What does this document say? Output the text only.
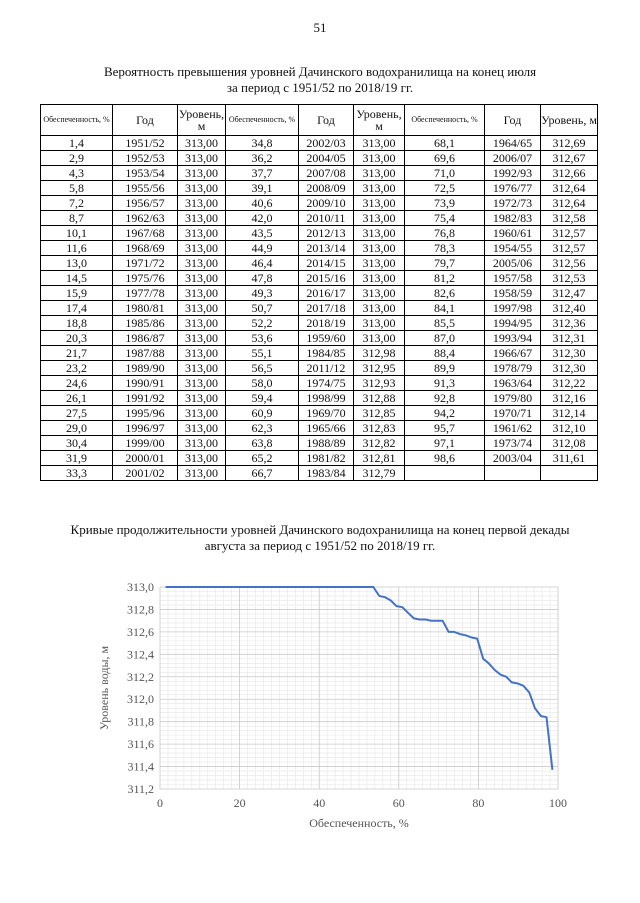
51
Вероятность превышения уровней Дачинского водохранилища на конец июля
за период с 1951/52 по 2018/19 гг.
Обеспеченность, %	Год	Уровень, м	Обеспеченность, %	Год	Уровень, м	Обеспеченность, %	Год	Уровень, м
1,4	1951/52	313,00	34,8	2002/03	313,00	68,1	1964/65	312,69
2,9	1952/53	313,00	36,2	2004/05	313,00	69,6	2006/07	312,67
4,3	1953/54	313,00	37,7	2007/08	313,00	71,0	1992/93	312,66
5,8	1955/56	313,00	39,1	2008/09	313,00	72,5	1976/77	312,64
7,2	1956/57	313,00	40,6	2009/10	313,00	73,9	1972/73	312,64
8,7	1962/63	313,00	42,0	2010/11	313,00	75,4	1982/83	312,58
10,1	1967/68	313,00	43,5	2012/13	313,00	76,8	1960/61	312,57
11,6	1968/69	313,00	44,9	2013/14	313,00	78,3	1954/55	312,57
13,0	1971/72	313,00	46,4	2014/15	313,00	79,7	2005/06	312,56
14,5	1975/76	313,00	47,8	2015/16	313,00	81,2	1957/58	312,53
15,9	1977/78	313,00	49,3	2016/17	313,00	82,6	1958/59	312,47
17,4	1980/81	313,00	50,7	2017/18	313,00	84,1	1997/98	312,40
18,8	1985/86	313,00	52,2	2018/19	313,00	85,5	1994/95	312,36
20,3	1986/87	313,00	53,6	1959/60	313,00	87,0	1993/94	312,31
21,7	1987/88	313,00	55,1	1984/85	312,98	88,4	1966/67	312,30
23,2	1989/90	313,00	56,5	2011/12	312,95	89,9	1978/79	312,30
24,6	1990/91	313,00	58,0	1974/75	312,93	91,3	1963/64	312,22
26,1	1991/92	313,00	59,4	1998/99	312,88	92,8	1979/80	312,16
27,5	1995/96	313,00	60,9	1969/70	312,85	94,2	1970/71	312,14
29,0	1996/97	313,00	62,3	1965/66	312,83	95,7	1961/62	312,10
30,4	1999/00	313,00	63,8	1988/89	312,82	97,1	1973/74	312,08
31,9	2000/01	313,00	65,2	1981/82	312,81	98,6	2003/04	311,61
33,3	2001/02	313,00	66,7	1983/84	312,79			
Кривые продолжительности уровней Дачинского водохранилища на конец первой декады
августа за период с 1951/52 по 2018/19 гг.
311,2
311,4
311,6
311,8
312,0
312,2
312,4
312,6
312,8
313,0
0	20	40	60	80	100
Обеспеченность, %
Уровень воды, м
